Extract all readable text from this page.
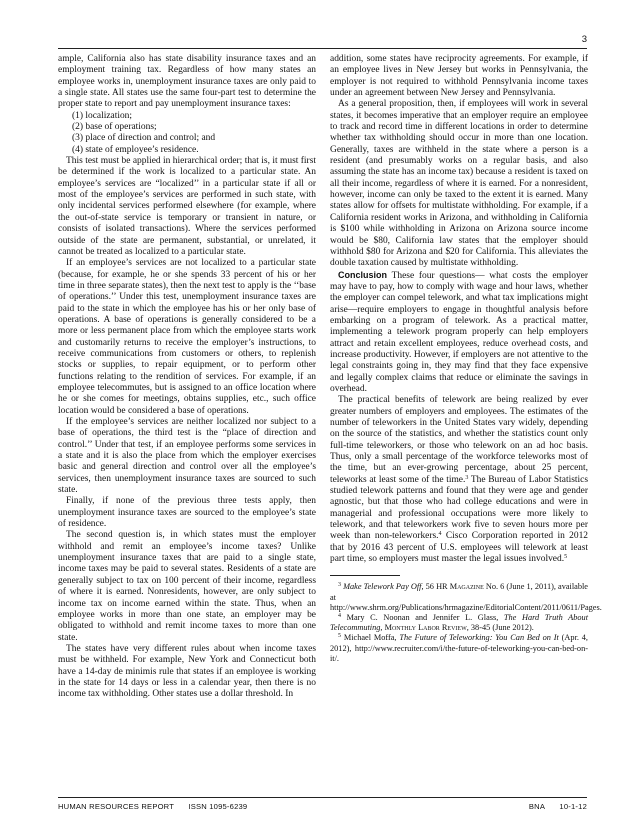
3

ample, California also has state disability insurance taxes and an employment training tax. Regardless of how many states an employee works in, unemployment insurance taxes are only paid to a single state. All states use the same four-part test to determine the proper state to report and pay unemployment insurance taxes:

(1) localization;

(2) base of operations;

(3) place of direction and control; and

(4) state of employee’s residence.

This test must be applied in hierarchical order; that is, it must first be determined if the work is localized to a particular state. An employee’s services are “localized’’ in a particular state if all or most of the employee’s services are performed in such state, with only incidental services performed elsewhere (for example, where the out-of-state service is temporary or transient in nature, or consists of isolated transactions). Where the services performed outside of the state are permanent, substantial, or unrelated, it cannot be treated as localized to a particular state.

If an employee’s services are not localized to a particular state (because, for example, he or she spends 33 percent of his or her time in three separate states), then the next test to apply is the ‘‘base of operations.’’ Under this test, unemployment insurance taxes are paid to the state in which the employee has his or her only base of operations. A base of operations is generally considered to be a more or less permanent place from which the employee starts work and customarily returns to receive the employer’s instructions, to receive communications from customers or others, to replenish stocks or supplies, to repair equipment, or to perform other functions relating to the rendition of services. For example, if an employee telecommutes, but is assigned to an office location where he or she comes for meetings, obtains supplies, etc., such office location would be considered a base of operations.

If the employee’s services are neither localized nor subject to a base of operations, the third test is the “place of direction and control.’’ Under that test, if an employee performs some services in a state and it is also the place from which the employer exercises basic and general direction and control over all the employee’s services, then unemployment insurance taxes are sourced to such state.

Finally, if none of the previous three tests apply, then unemployment insurance taxes are sourced to the employee’s state of residence.

The second question is, in which states must the employer withhold and remit an employee’s income taxes? Unlike unemployment insurance taxes that are paid to a single state, income taxes may be paid to several states. Residents of a state are generally subject to tax on 100 percent of their income, regardless of where it is earned. Nonresidents, however, are only subject to income tax on income earned within the state. Thus, when an employee works in more than one state, an employer may be obligated to withhold and remit income taxes to more than one state.

The states have very different rules about when income taxes must be withheld. For example, New York and Connecticut both have a 14-day de minimis rule that states if an employee is working in the state for 14 days or less in a calendar year, then there is no income tax withholding. Other states use a dollar threshold. In

addition, some states have reciprocity agreements. For example, if an employee lives in New Jersey but works in Pennsylvania, the employer is not required to withhold Pennsylvania income taxes under an agreement between New Jersey and Pennsylvania.

As a general proposition, then, if employees will work in several states, it becomes imperative that an employer require an employee to track and record time in different locations in order to determine whether tax withholding should occur in more than one location. Generally, taxes are withheld in the state where a person is a resident (and presumably works on a regular basis, and also assuming the state has an income tax) because a resident is taxed on all their income, regardless of where it is earned. For a nonresident, however, income can only be taxed to the extent it is earned. Many states allow for offsets for multistate withholding. For example, if a California resident works in Arizona, and withholding in California is $100 while withholding in Arizona on Arizona source income would be $80, California law states that the employer should withhold $80 for Arizona and $20 for California. This alleviates the double taxation caused by multistate withholding.

Conclusion These four questions— what costs the employer may have to pay, how to comply with wage and hour laws, whether the employer can compel telework, and what tax implications might arise—require employers to engage in thoughtful analysis before embarking on a program of telework. As a practical matter, implementing a telework program properly can help employers attract and retain excellent employees, reduce overhead costs, and increase productivity. However, if employers are not attentive to the legal constraints going in, they may find that they face expensive and legally complex claims that reduce or eliminate the savings in overhead.

The practical benefits of telework are being realized by ever greater numbers of employers and employees. The estimates of the number of teleworkers in the United States vary widely, depending on the source of the statistics, and whether the statistics count only full-time teleworkers, or those who telework on an ad hoc basis. Thus, only a small percentage of the workforce teleworks most of the time, but an ever-growing percentage, about 25 percent, teleworks at least some of the time.$^3$ The Bureau of Labor Statistics studied telework patterns and found that they were age and gender agnostic, but that those who had college educations and were in managerial and professional occupations were more likely to telework, and that teleworkers work five to seven hours more per week than non-teleworkers.$^4$ Cisco Corporation reported in 2012 that by 2016 43 percent of U.S. employees will telework at least part time, so employers must master the legal issues involved.$^5$

$^3$ Make Telework Pay Off, 56 HR Magazine No. 6 (June 1, 2011), available at http://www.shrm.org/Publications/hrmagazine/EditorialContent/2011/0611/Pages.

$^4$ Mary C. Noonan and Jennifer L. Glass, The Hard Truth About Telecommuting, Monthly Labor Review, 38-45 (June 2012).

$^5$ Michael Moffa, The Future of Teleworking: You Can Bed on It (Apr. 4, 2012), http://www.recruiter.com/i/the-future-of-teleworking-you-can-bed-on-it/.

HUMAN RESOURCES REPORT ISSN 1095-6239	BNA 10-1-12
